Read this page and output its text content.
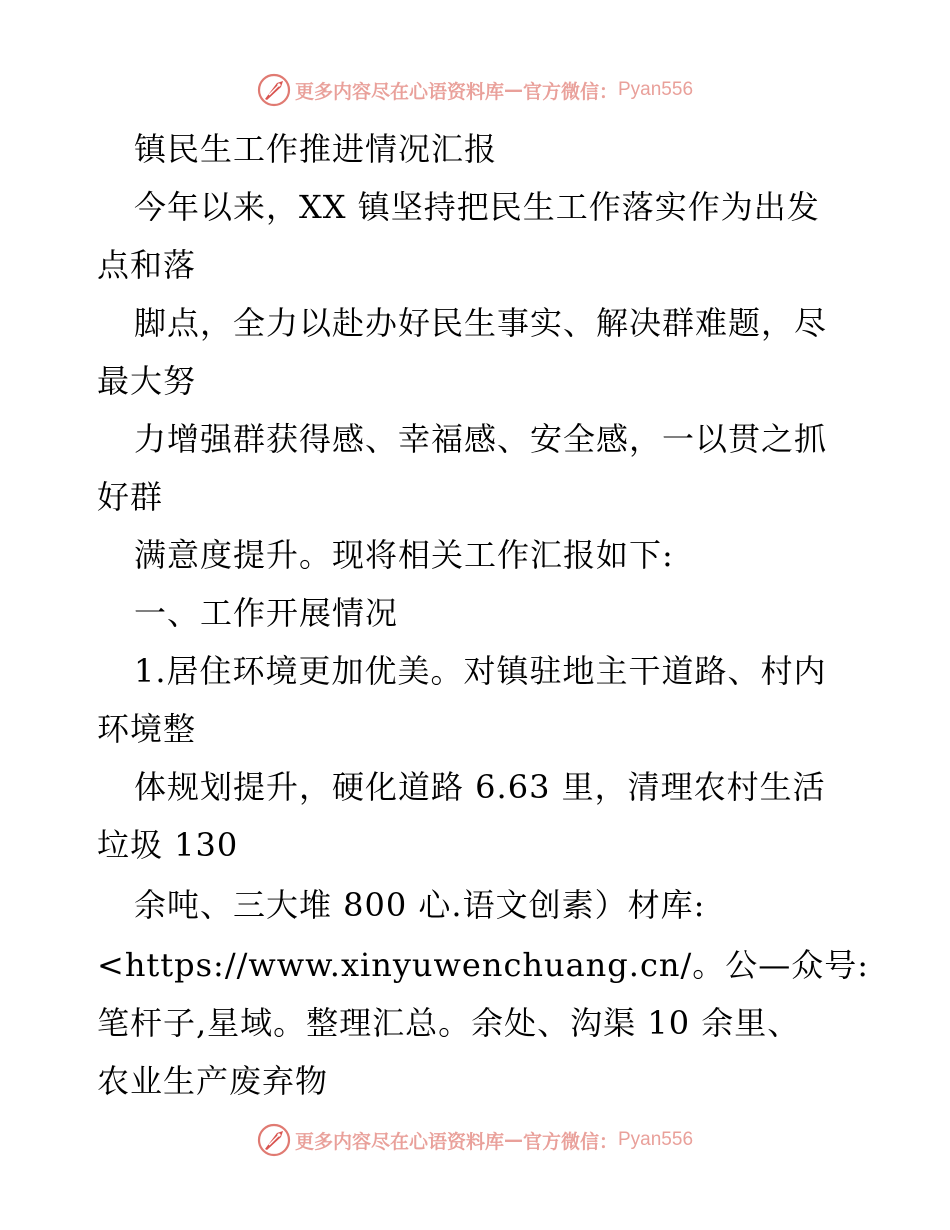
更多内容尽在心语资料库 — 官方微信： Pyan556
镇民生工作推进情况汇报
今年以来，XX 镇坚持把民生工作落实作为出发
点和落
脚点，全力以赴办好民生事实、解决群难题，尽
最大努
力增强群获得感、幸福感、安全感，一以贯之抓
好群
满意度提升。现将相关工作汇报如下:
一、工作开展情况
1.居住环境更加优美。对镇驻地主干道路、村内
环境整
体规划提升，硬化道路 6.63 里，清理农村生活
垃圾 130
余吨、三大堆 800 心.语文创素）材库:
<https://www.xinyuwenchuang.cn/。公—众号:
笔杆子,星域。整理汇总。余处、沟渠 10 余里、
农业生产废弃物
更多内容尽在心语资料库 — 官方微信： Pyan556
